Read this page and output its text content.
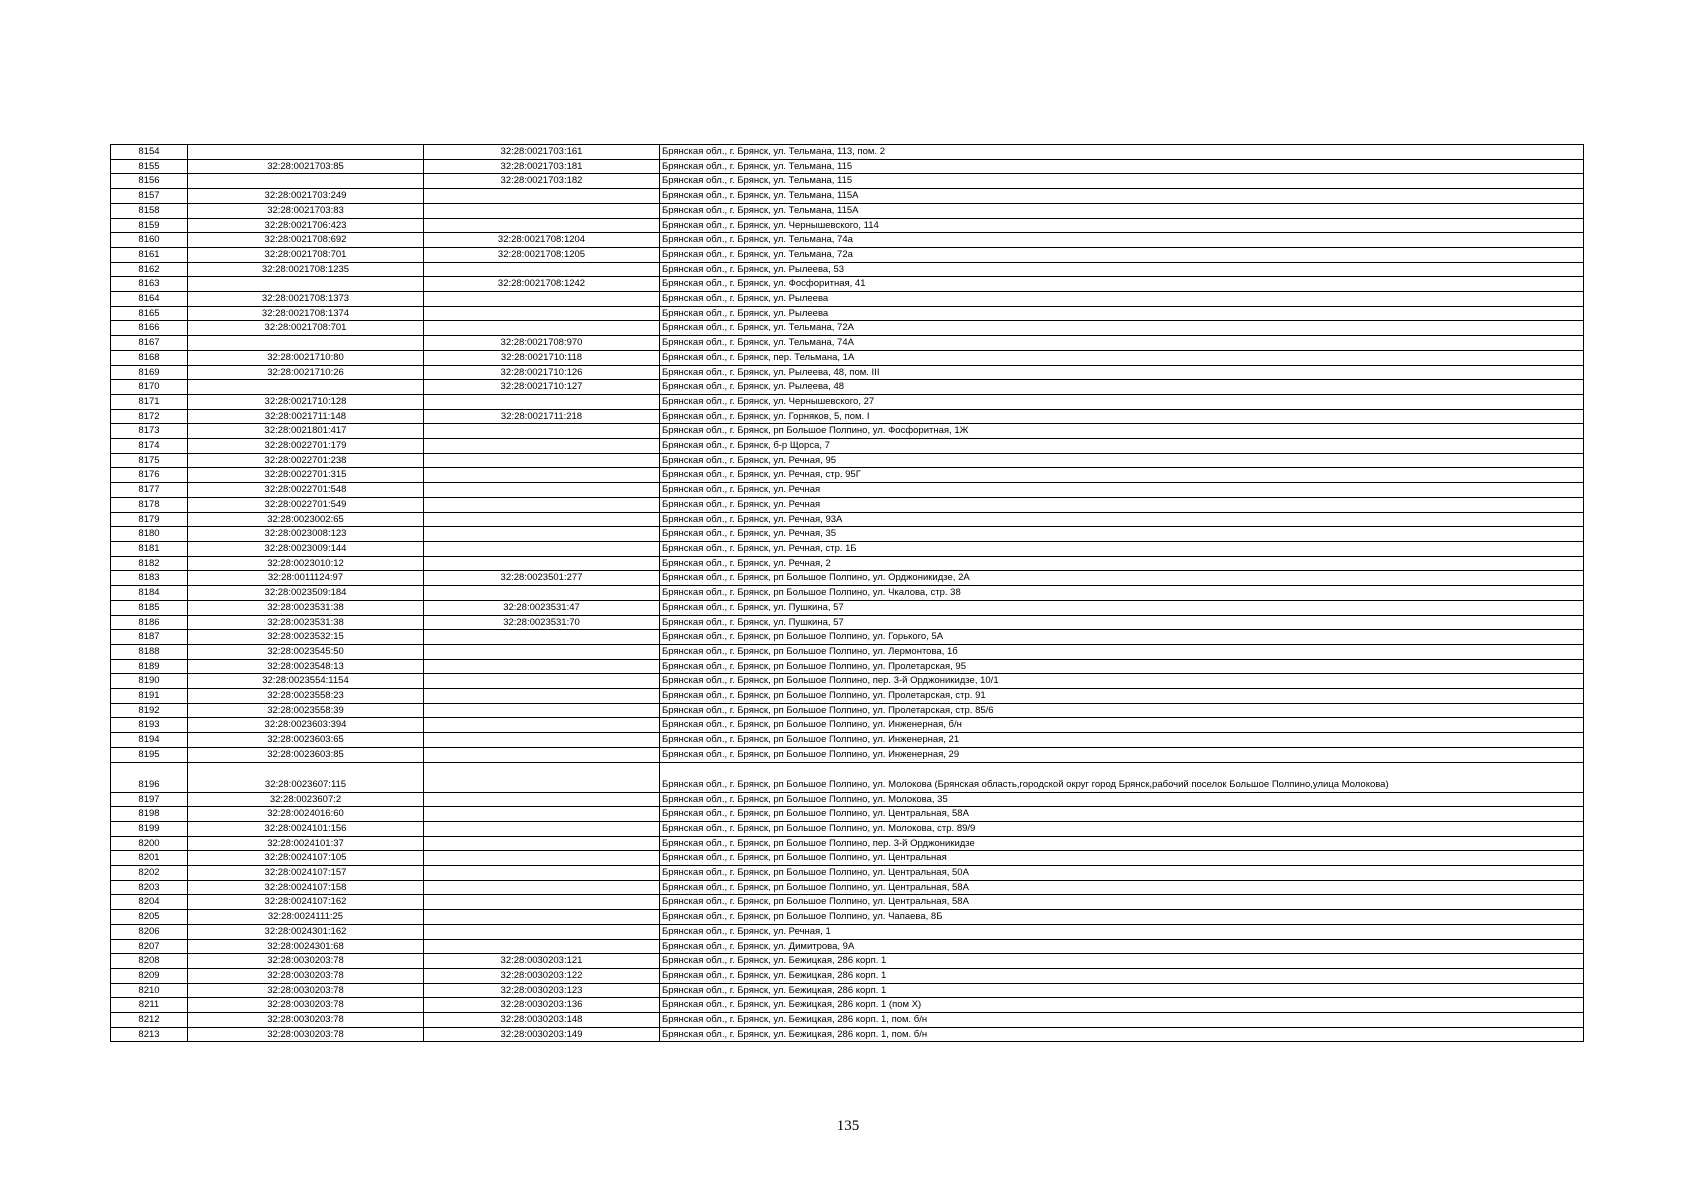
8154		32:28:0021703:161	Брянская обл., г. Брянск, ул. Тельмана, 113, пом. 2
8155	32:28:0021703:85	32:28:0021703:181	Брянская обл., г. Брянск, ул. Тельмана, 115
8156		32:28:0021703:182	Брянская обл., г. Брянск, ул. Тельмана, 115
8157	32:28:0021703:249		Брянская обл., г. Брянск, ул. Тельмана, 115А
8158	32:28:0021703:83		Брянская обл., г. Брянск, ул. Тельмана, 115А
8159	32:28:0021706:423		Брянская обл., г. Брянск, ул. Чернышевского, 114
8160	32:28:0021708:692	32:28:0021708:1204	Брянская обл., г. Брянск, ул. Тельмана, 74а
8161	32:28:0021708:701	32:28:0021708:1205	Брянская обл., г. Брянск, ул. Тельмана, 72а
8162	32:28:0021708:1235		Брянская обл., г. Брянск, ул. Рылеева, 53
8163		32:28:0021708:1242	Брянская обл., г. Брянск, ул. Фосфоритная, 41
8164	32:28:0021708:1373		Брянская обл., г. Брянск, ул. Рылеева
8165	32:28:0021708:1374		Брянская обл., г. Брянск, ул. Рылеева
8166	32:28:0021708:701		Брянская обл., г. Брянск, ул. Тельмана, 72А
8167		32:28:0021708:970	Брянская обл., г. Брянск, ул. Тельмана, 74А
8168	32:28:0021710:80	32:28:0021710:118	Брянская обл., г. Брянск, пер. Тельмана, 1А
8169	32:28:0021710:26	32:28:0021710:126	Брянская обл., г. Брянск, ул. Рылеева, 48, пом. III
8170		32:28:0021710:127	Брянская обл., г. Брянск, ул. Рылеева, 48
8171	32:28:0021710:128		Брянская обл., г. Брянск, ул. Чернышевского, 27
8172	32:28:0021711:148	32:28:0021711:218	Брянская обл., г. Брянск, ул. Горняков, 5, пом. I
8173	32:28:0021801:417		Брянская обл., г. Брянск, рп Большое Полпино, ул. Фосфоритная, 1Ж
8174	32:28:0022701:179		Брянская обл., г. Брянск, б-р Щорса, 7
8175	32:28:0022701:238		Брянская обл., г. Брянск, ул. Речная, 95
8176	32:28:0022701:315		Брянская обл., г. Брянск, ул. Речная, стр. 95Г
8177	32:28:0022701:548		Брянская обл., г. Брянск, ул. Речная
8178	32:28:0022701:549		Брянская обл., г. Брянск, ул. Речная
8179	32:28:0023002:65		Брянская обл., г. Брянск, ул. Речная, 93А
8180	32:28:0023008:123		Брянская обл., г. Брянск, ул. Речная, 35
8181	32:28:0023009:144		Брянская обл., г. Брянск, ул. Речная, стр. 1Б
8182	32:28:0023010:12		Брянская обл., г. Брянск, ул. Речная, 2
8183	32:28:0011124:97	32:28:0023501:277	Брянская обл., г. Брянск, рп Большое Полпино, ул. Орджоникидзе, 2А
8184	32:28:0023509:184		Брянская обл., г. Брянск, рп Большое Полпино, ул. Чкалова, стр. 38
8185	32:28:0023531:38	32:28:0023531:47	Брянская обл., г. Брянск, ул. Пушкина, 57
8186	32:28:0023531:38	32:28:0023531:70	Брянская обл., г. Брянск, ул. Пушкина, 57
8187	32:28:0023532:15		Брянская обл., г. Брянск, рп Большое Полпино, ул. Горького, 5А
8188	32:28:0023545:50		Брянская обл., г. Брянск, рп Большое Полпино, ул. Лермонтова, 1б
8189	32:28:0023548:13		Брянская обл., г. Брянск, рп Большое Полпино, ул. Пролетарская, 95
8190	32:28:0023554:1154		Брянская обл., г. Брянск, рп Большое Полпино, пер. 3-й Орджоникидзе, 10/1
8191	32:28:0023558:23		Брянская обл., г. Брянск, рп Большое Полпино, ул. Пролетарская, стр. 91
8192	32:28:0023558:39		Брянская обл., г. Брянск, рп Большое Полпино, ул. Пролетарская, стр. 85/6
8193	32:28:0023603:394		Брянская обл., г. Брянск, рп Большое Полпино, ул. Инженерная, б/н
8194	32:28:0023603:65		Брянская обл., г. Брянск, рп Большое Полпино, ул. Инженерная, 21
8195	32:28:0023603:85		Брянская обл., г. Брянск, рп Большое Полпино, ул. Инженерная, 29
8196	32:28:0023607:115		Брянская обл., г. Брянск, рп Большое Полпино, ул. Молокова (Брянская область,городской округ город Брянск,рабочий поселок Большое Полпино,улица Молокова)
8197	32:28:0023607:2		Брянская обл., г. Брянск, рп Большое Полпино, ул. Молокова, 35
8198	32:28:0024016:60		Брянская обл., г. Брянск, рп Большое Полпино, ул. Центральная, 58А
8199	32:28:0024101:156		Брянская обл., г. Брянск, рп Большое Полпино, ул. Молокова, стр. 89/9
8200	32:28:0024101:37		Брянская обл., г. Брянск, рп Большое Полпино, пер. 3-й Орджоникидзе
8201	32:28:0024107:105		Брянская обл., г. Брянск, рп Большое Полпино, ул. Центральная
8202	32:28:0024107:157		Брянская обл., г. Брянск, рп Большое Полпино, ул. Центральная, 50А
8203	32:28:0024107:158		Брянская обл., г. Брянск, рп Большое Полпино, ул. Центральная, 58А
8204	32:28:0024107:162		Брянская обл., г. Брянск, рп Большое Полпино, ул. Центральная, 58А
8205	32:28:0024111:25		Брянская обл., г. Брянск, рп Большое Полпино, ул. Чапаева, 8Б
8206	32:28:0024301:162		Брянская обл., г. Брянск, ул. Речная, 1
8207	32:28:0024301:68		Брянская обл., г. Брянск, ул. Димитрова, 9А
8208	32:28:0030203:78	32:28:0030203:121	Брянская обл., г. Брянск, ул. Бежицкая, 286 корп. 1
8209	32:28:0030203:78	32:28:0030203:122	Брянская обл., г. Брянск, ул. Бежицкая, 286 корп. 1
8210	32:28:0030203:78	32:28:0030203:123	Брянская обл., г. Брянск, ул. Бежицкая, 286 корп. 1
8211	32:28:0030203:78	32:28:0030203:136	Брянская обл., г. Брянск, ул. Бежицкая, 286 корп. 1 (пом X)
8212	32:28:0030203:78	32:28:0030203:148	Брянская обл., г. Брянск, ул. Бежицкая, 286 корп. 1, пом. б/н
8213	32:28:0030203:78	32:28:0030203:149	Брянская обл., г. Брянск, ул. Бежицкая, 286 корп. 1, пом. б/н
135
